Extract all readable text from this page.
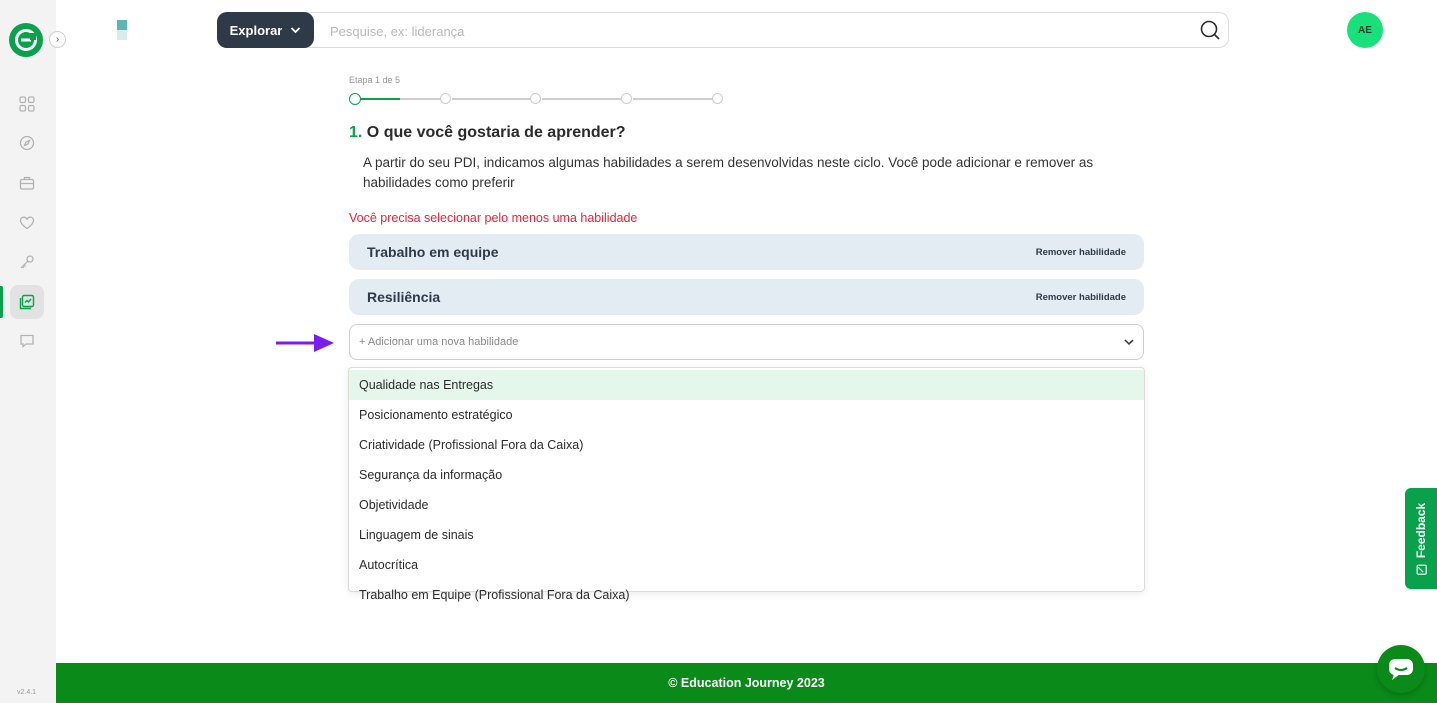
v2.4.1
›
Explorar
Pesquise, ex: liderança	AE
Etapa 1 de 5
1. O que você gostaria de aprender?
A partir do seu PDI, indicamos algumas habilidades a serem desenvolvidas neste ciclo. Você pode adicionar e remover as habilidades como preferir
Você precisa selecionar pelo menos uma habilidade
Trabalho em equipe	Remover habilidade
Resiliência	Remover habilidade
+ Adicionar uma nova habilidade
Qualidade nas Entregas
Posicionamento estratégico
Criatividade (Profissional Fora da Caixa)
Segurança da informação
Objetividade
Linguagem de sinais
Autocrítica
Trabalho em Equipe (Profissional Fora da Caixa)
Feedback
© Education Journey 2023
